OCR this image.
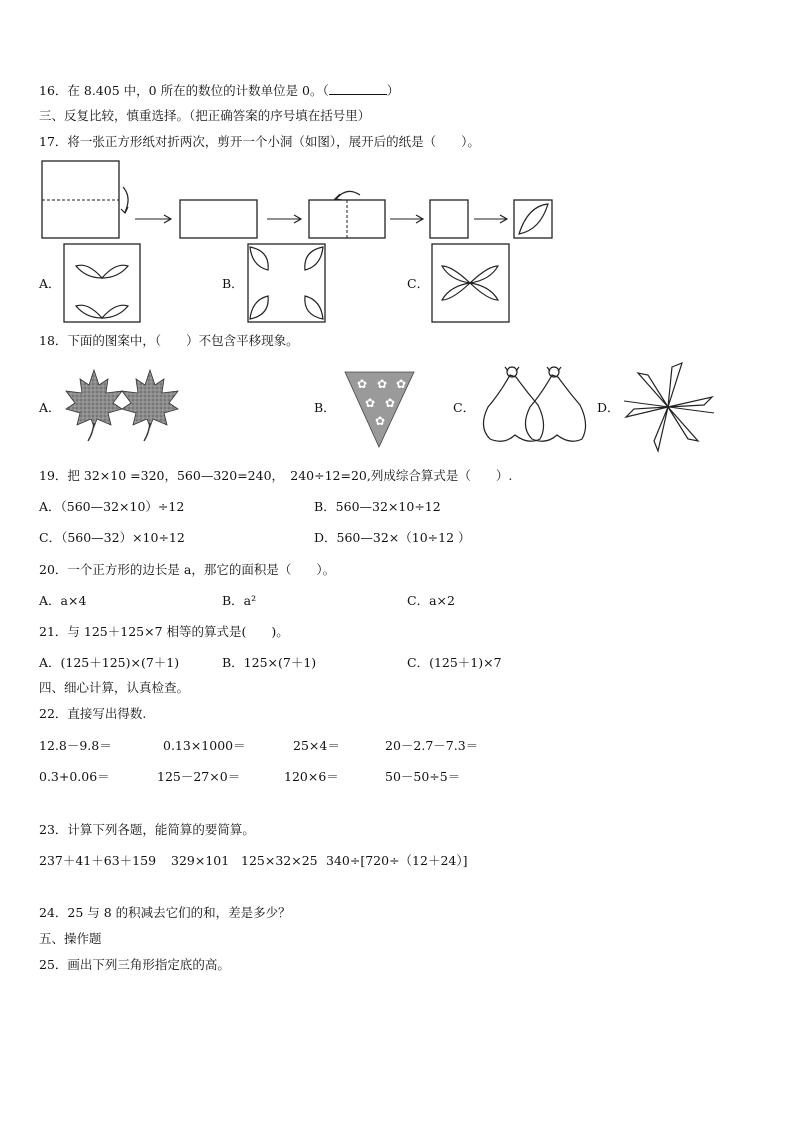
16．在 8.405 中，0 所在的数位的计数单位是 0。（	）
三、反复比较，慎重选择。（把正确答案的序号填在括号里）
17．将一张正方形纸对折两次，剪开一个小洞（如图），展开后的纸是（　　）。
A．	B．	C．
18．下面的图案中，（　　）不包含平移现象。
✿ ✿ ✿
✿ ✿
✿
A．	B．	C．	D．
19．把 32×10 =320，560—320=240，　240÷12=20,列成综合算式是（　　）.
A．（560—32×10）÷12	B．560—32×10÷12
C．（560—32）×10÷12	D．560—32×（10÷12 ）
20．一个正方形的边长是 a，那它的面积是（　　）。
A．a×4	B．a²	C．a×2
21．与 125＋125×7 相等的算式是(　　)。
A．(125＋125)×(7＋1)	B．125×(7＋1)	C．(125＋1)×7
四、细心计算，认真检查。
22．直接写出得数.
12.8－9.8＝	0.13×1000＝	25×4＝	20－2.7－7.3＝
0.3+0.06＝	125－27×0＝	120×6＝	50－50÷5＝
23．计算下列各题，能简算的要简算。
237＋41＋63＋159 329×101 125×32×25 340÷[720÷（12＋24）]
24．25 与 8 的积减去它们的和，差是多少？
五、操作题
25．画出下列三角形指定底的高。
